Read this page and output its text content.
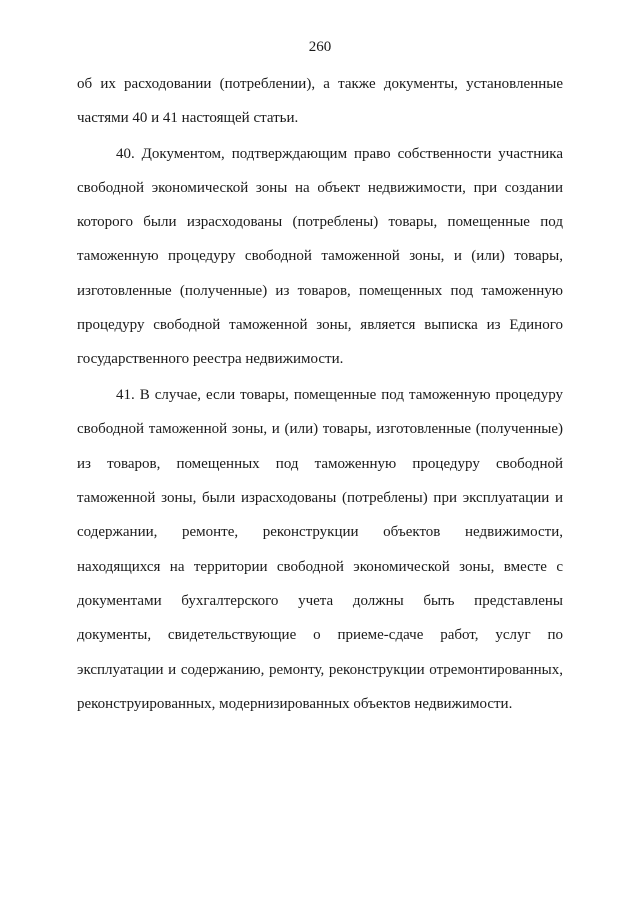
260
об их расходовании (потреблении), а также документы, установленные
частями 40 и 41 настоящей статьи.
40. Документом, подтверждающим право собственности участника
свободной экономической зоны на объект недвижимости, при создании
которого были израсходованы (потреблены) товары, помещенные под
таможенную процедуру свободной таможенной зоны, и (или) товары,
изготовленные (полученные) из товаров, помещенных под таможенную
процедуру свободной таможенной зоны, является выписка из Единого
государственного реестра недвижимости.
41. В случае, если товары, помещенные под таможенную процедуру
свободной таможенной зоны, и (или) товары, изготовленные (полученные)
из товаров, помещенных под таможенную процедуру свободной
таможенной зоны, были израсходованы (потреблены) при эксплуатации и
содержании, ремонте, реконструкции объектов недвижимости,
находящихся на территории свободной экономической зоны, вместе с
документами бухгалтерского учета должны быть представлены
документы, свидетельствующие о приеме-сдаче работ, услуг по
эксплуатации и содержанию, ремонту, реконструкции отремонтированных,
реконструированных, модернизированных объектов недвижимости.
